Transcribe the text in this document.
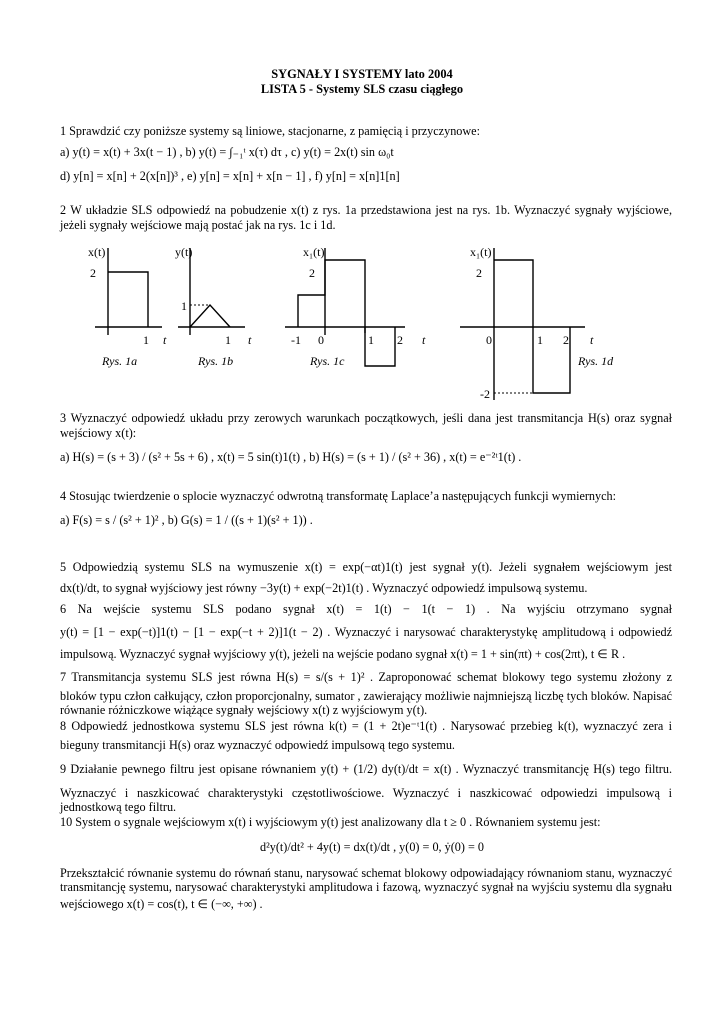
SYGNAŁY I SYSTEMY lato 2004
LISTA 5 - Systemy SLS czasu ciągłego
1 Sprawdzić czy poniższe systemy są liniowe, stacjonarne, z pamięcią i przyczynowe:
a) y(t) = x(t) + 3x(t − 1) , b) y(t) = ∫₋₁ᵗ x(τ) dτ , c) y(t) = 2x(t) sin ω₀t
d) y[n] = x[n] + 2(x[n])³ , e) y[n] = x[n] + x[n − 1] , f) y[n] = x[n]1[n]
2 W układzie SLS odpowiedź na pobudzenie x(t) z rys. 1a przedstawiona jest na rys. 1b. Wyznaczyć sygnały wyjściowe,
jeżeli sygnały wejściowe mają postać jak na rys. 1c i 1d.
x(t)
2
1 t
Rys. 1a
y(t)
1
1 t
Rys. 1b
x₁(t)
2
-1 0	1 2 t
Rys. 1c
x₁(t)
2
0	1 2 t
Rys. 1d
-2
3 Wyznaczyć odpowiedź układu przy zerowych warunkach początkowych, jeśli dana jest transmitancja H(s) oraz sygnał
wejściowy x(t):
a) H(s) = (s + 3) / (s² + 5s + 6) , x(t) = 5 sin(t)1(t) , b) H(s) = (s + 1) / (s² + 36) , x(t) = e⁻²ᵗ1(t) .
4 Stosując twierdzenie o splocie wyznaczyć odwrotną transformatę Laplace’a następujących funkcji wymiernych:
a) F(s) = s / (s² + 1)² , b) G(s) = 1 / ((s + 1)(s² + 1)) .
5 Odpowiedzią systemu SLS na wymuszenie x(t) = exp(−αt)1(t) jest sygnał y(t). Jeżeli sygnałem wejściowym jest
dx(t)/dt, to sygnał wyjściowy jest równy −3y(t) + exp(−2t)1(t) . Wyznaczyć odpowiedź impulsową systemu.
6 Na wejście systemu SLS podano sygnał x(t) = 1(t) − 1(t − 1) . Na wyjściu otrzymano sygnał
y(t) = [1 − exp(−t)]1(t) − [1 − exp(−t + 2)]1(t − 2) . Wyznaczyć i narysować charakterystykę amplitudową i odpowiedź
impulsową. Wyznaczyć sygnał wyjściowy y(t), jeżeli na wejście podano sygnał x(t) = 1 + sin(πt) + cos(2πt), t ∈ R .
7 Transmitancja systemu SLS jest równa H(s) = s/(s + 1)² . Zaproponować schemat blokowy tego systemu złożony z
bloków typu człon całkujący, człon proporcjonalny, sumator , zawierający możliwie najmniejszą liczbę tych bloków. Napisać
równanie różniczkowe wiążące sygnały wejściowy x(t) z wyjściowym y(t).
8 Odpowiedź jednostkowa systemu SLS jest równa k(t) = (1 + 2t)e⁻ᵗ1(t) . Narysować przebieg k(t), wyznaczyć zera i
bieguny transmitancji H(s) oraz wyznaczyć odpowiedź impulsową tego systemu.
9 Działanie pewnego filtru jest opisane równaniem y(t) + (1/2) dy(t)/dt = x(t) . Wyznaczyć transmitancję H(s) tego filtru.
Wyznaczyć i naszkicować charakterystyki częstotliwościowe. Wyznaczyć i naszkicować odpowiedzi impulsową i
jednostkową tego filtru.
10 System o sygnale wejściowym x(t) i wyjściowym y(t) jest analizowany dla t ≥ 0 . Równaniem systemu jest:
d²y(t)/dt² + 4y(t) = dx(t)/dt , y(0) = 0, ẏ(0) = 0
Przekształcić równanie systemu do równań stanu, narysować schemat blokowy odpowiadający równaniom stanu, wyznaczyć
transmitancję systemu, narysować charakterystyki amplitudowa i fazową, wyznaczyć sygnał na wyjściu systemu dla sygnału
wejściowego x(t) = cos(t), t ∈ (−∞, +∞) .
